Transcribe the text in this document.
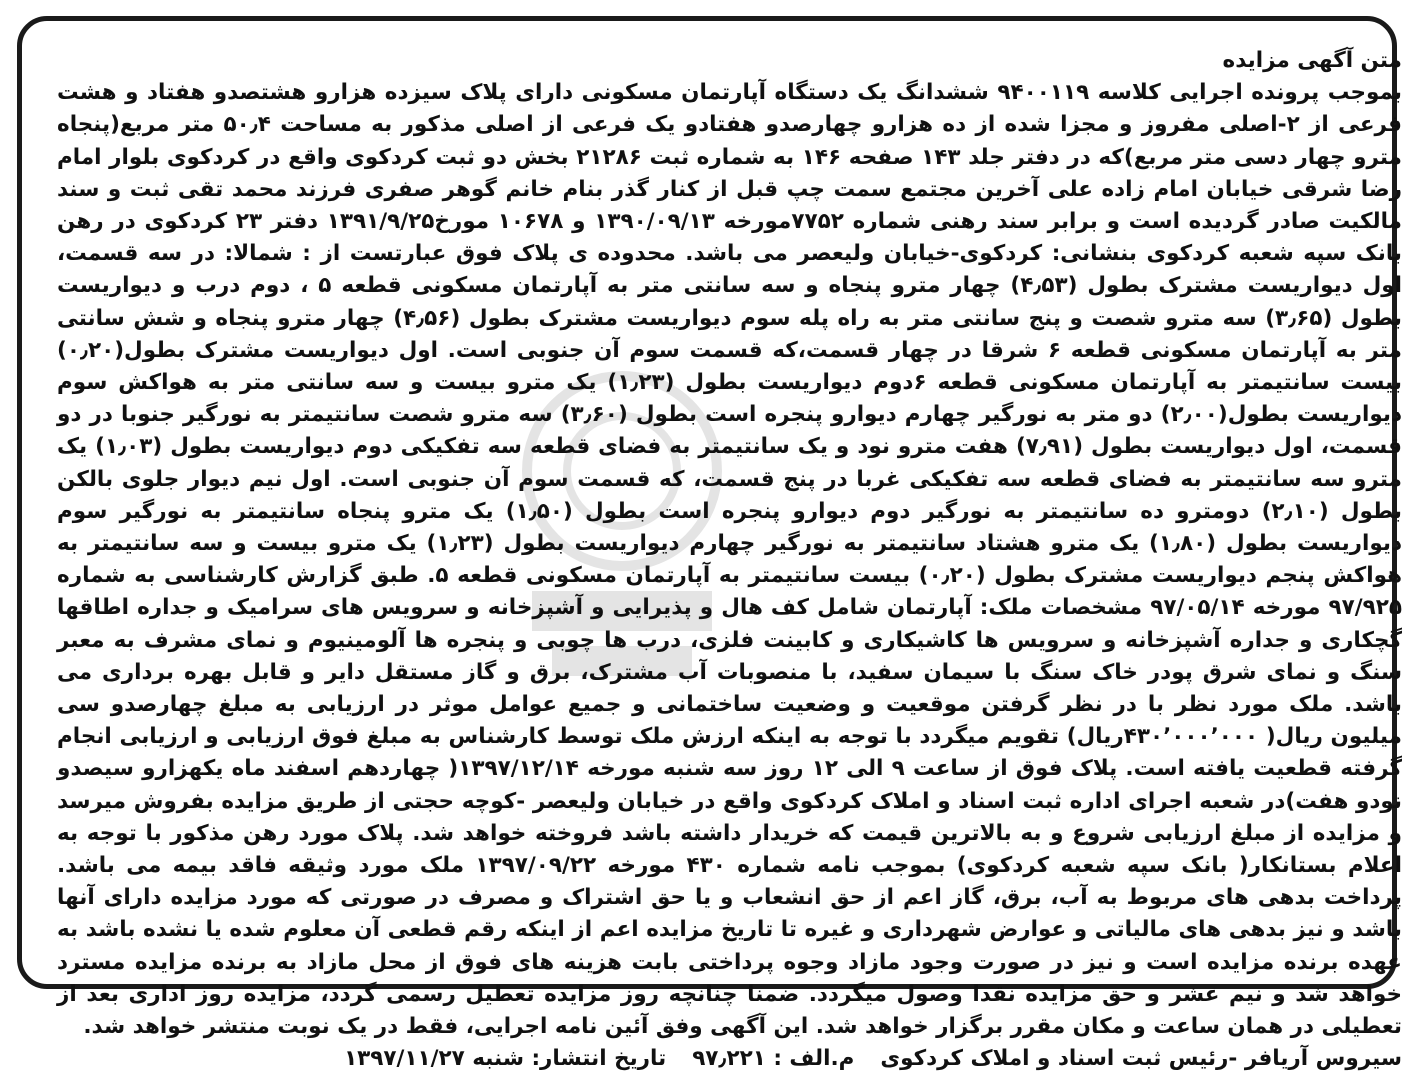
متن آگهی مزایده
بموجب پرونده اجرایی کلاسه ۹۴۰۰۱۱۹ ششدانگ یک دستگاه آپارتمان مسکونی دارای پلاک سیزده هزارو هشتصدو هفتاد و هشت فرعی از ۲-اصلی مفروز و مجزا شده از ده هزارو چهارصدو هفتادو یک فرعی از اصلی مذکور به مساحت ۵۰٫۴ متر مربع(پنجاه مترو چهار دسی متر مربع)که در دفتر جلد ۱۴۳ صفحه ۱۴۶ به شماره ثبت ۲۱۲۸۶ بخش دو ثبت کردکوی واقع در کردکوی بلوار امام رضا شرقی خیابان امام زاده علی آخرین مجتمع سمت چپ قبل از کنار گذر بنام خانم گوهر صفری فرزند محمد تقی ثبت و سند مالکیت صادر گردیده است و برابر سند رهنی شماره ۷۷۵۲مورخه ۱۳۹۰/۰۹/۱۳ و ۱۰۶۷۸ مورخ۱۳۹۱/۹/۲۵ دفتر ۲۳ کردکوی در رهن بانک سپه شعبه کردکوی بنشانی: کردکوی-خیابان ولیعصر می باشد. محدوده ی پلاک فوق عبارتست از : شمالا: در سه قسمت، اول دیواریست مشترک بطول (۴٫۵۳) چهار مترو پنجاه و سه سانتی متر به آپارتمان مسکونی قطعه ۵ ، دوم درب و دیواریست بطول (۳٫۶۵) سه مترو شصت و پنج سانتی متر به راه پله سوم دیواریست مشترک بطول (۴٫۵۶) چهار مترو پنجاه و شش سانتی متر به آپارتمان مسکونی قطعه ۶ شرقا در چهار قسمت،که قسمت سوم آن جنوبی است. اول دیواریست مشترک بطول(۰٫۲۰) بیست سانتیمتر به آپارتمان مسکونی قطعه ۶دوم دیواریست بطول (۱٫۲۳) یک مترو بیست و سه سانتی متر به هواکش سوم دیواریست بطول(۲٫۰۰) دو متر به نورگیر چهارم دیوارو پنجره است بطول (۳٫۶۰) سه مترو شصت سانتیمتر به نورگیر جنوبا در دو قسمت، اول دیواریست بطول (۷٫۹۱) هفت مترو نود و یک سانتیمتر به فضای قطعه سه تفکیکی دوم دیواریست بطول (۱٫۰۳) یک مترو سه سانتیمتر به فضای قطعه سه تفکیکی غربا در پنج قسمت، که قسمت سوم آن جنوبی است. اول نیم دیوار جلوی بالکن بطول (۲٫۱۰) دومترو ده سانتیمتر به نورگیر دوم دیوارو پنجره است بطول (۱٫۵۰) یک مترو پنجاه سانتیمتر به نورگیر سوم دیواریست بطول (۱٫۸۰) یک مترو هشتاد سانتیمتر به نورگیر چهارم دیواریست بطول (۱٫۲۳) یک مترو بیست و سه سانتیمتر به هواکش پنجم دیواریست مشترک بطول (۰٫۲۰) بیست سانتیمتر به آپارتمان مسکونی قطعه ۵. طبق گزارش کارشناسی به شماره ۹۷/۹۲۵ مورخه ۹۷/۰۵/۱۴ مشخصات ملک: آپارتمان شامل کف هال و پذیرایی و آشپزخانه و سرویس های سرامیک و جداره اطاقها گچکاری و جداره آشپزخانه و سرویس ها کاشیکاری و کابینت فلزی، درب ها چوبی و پنجره ها آلومینیوم و نمای مشرف به معبر سنگ و نمای شرق پودر خاک سنگ با سیمان سفید، با منصوبات آب مشترک، برق و گاز مستقل دایر و قابل بهره برداری می باشد. ملک مورد نظر با در نظر گرفتن موقعیت و وضعیت ساختمانی و جمیع عوامل موثر در ارزیابی به مبلغ چهارصدو سی میلیون ریال( ۴۳۰٬۰۰۰٬۰۰۰ریال) تقویم میگردد با توجه به اینکه ارزش ملک توسط کارشناس به مبلغ فوق ارزیابی و ارزیابی انجام گرفته قطعیت یافته است. پلاک فوق از ساعت ۹ الی ۱۲ روز سه شنبه مورخه ۱۳۹۷/۱۲/۱۴( چهاردهم اسفند ماه یکهزارو سیصدو نودو هفت)در شعبه اجرای اداره ثبت اسناد و املاک کردکوی واقع در خیابان ولیعصر -کوچه حجتی از طریق مزایده بفروش میرسد و مزایده از مبلغ ارزیابی شروع و به بالاترین قیمت که خریدار داشته باشد فروخته خواهد شد. پلاک مورد رهن مذکور با توجه به اعلام بستانکار( بانک سپه شعبه کردکوی) بموجب نامه شماره ۴۳۰ مورخه ۱۳۹۷/۰۹/۲۲ ملک مورد وثیقه فاقد بیمه می باشد. پرداخت بدهی های مربوط به آب، برق، گاز اعم از حق انشعاب و یا حق اشتراک و مصرف در صورتی که مورد مزایده دارای آنها باشد و نیز بدهی های مالیاتی و عوارض شهرداری و غیره تا تاریخ مزایده اعم از اینکه رقم قطعی آن معلوم شده یا نشده باشد به عهده برنده مزایده است و نیز در صورت وجود مازاد وجوه پرداختی بابت هزینه های فوق از محل مازاد به برنده مزایده مسترد خواهد شد و نیم عشر و حق مزایده نقدا وصول میگردد. ضمنا چنانچه روز مزایده تعطیل رسمی گردد، مزایده روز اداری بعد از تعطیلی در همان ساعت و مکان مقرر برگزار خواهد شد. این آگهی وفق آئین نامه اجرایی، فقط در یک نوبت منتشر خواهد شد.
سیروس آریافر -رئیس ثبت اسناد و املاک کردکویم.الف : ۹۷٫۲۲۱تاریخ انتشار: شنبه ۱۳۹۷/۱۱/۲۷
